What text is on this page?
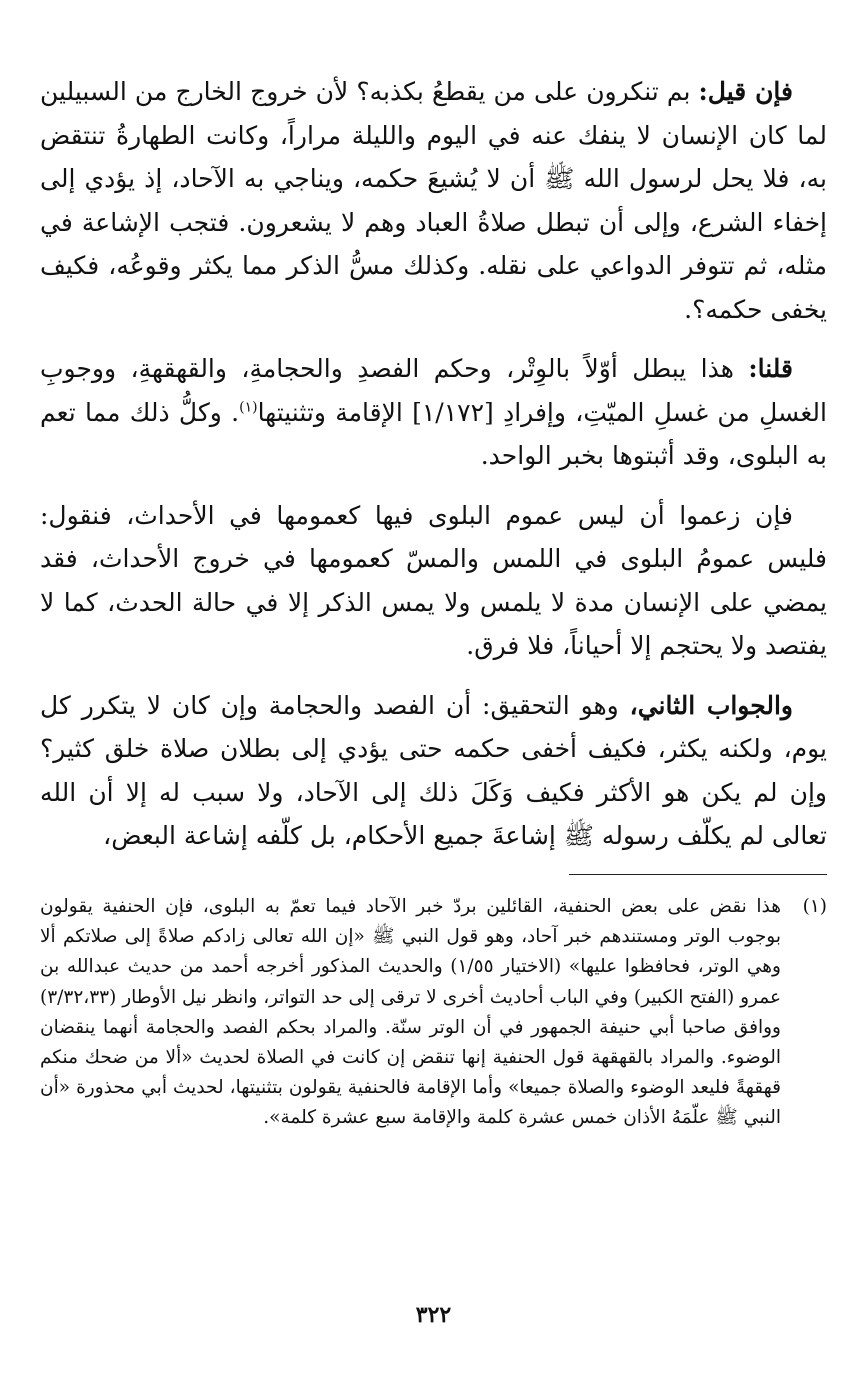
فإن قيل: بم تنكرون على من يقطعُ بكذبه؟ لأن خروج الخارج من السبيلين لما كان الإنسان لا ينفك عنه في اليوم والليلة مراراً، وكانت الطهارةُ تنتقض به، فلا يحل لرسول الله ﷺ أن لا يُشيعَ حكمه، ويناجي به الآحاد، إذ يؤدي إلى إخفاء الشرع، وإلى أن تبطل صلاةُ العباد وهم لا يشعرون. فتجب الإشاعة في مثله، ثم تتوفر الدواعي على نقله. وكذلك مسُّ الذكر مما يكثر وقوعُه، فكيف يخفى حكمه؟.

قلنا: هذا يبطل أوّلاً بالوِتْر، وحكم الفصدِ والحجامةِ، والقهقهةِ، ووجوبِ الغسلِ من غسلِ الميّتِ، وإفرادِ [١/١٧٢] الإقامة وتثنيتها$^{(١)}$. وكلُّ ذلك مما تعم به البلوى، وقد أثبتوها بخبر الواحد.

فإن زعموا أن ليس عموم البلوى فيها كعمومها في الأحداث، فنقول: فليس عمومُ البلوى في اللمس والمسّ كعمومها في خروج الأحداث، فقد يمضي على الإنسان مدة لا يلمس ولا يمس الذكر إلا في حالة الحدث، كما لا يفتصد ولا يحتجم إلا أحياناً، فلا فرق.

والجواب الثاني، وهو التحقيق: أن الفصد والحجامة وإن كان لا يتكرر كل يوم، ولكنه يكثر، فكيف أخفى حكمه حتى يؤدي إلى بطلان صلاة خلق كثير؟ وإن لم يكن هو الأكثر فكيف وَكَلَ ذلك إلى الآحاد، ولا سبب له إلا أن الله تعالى لم يكلّف رسوله ﷺ إشاعةَ جميع الأحكام، بل كلّفه إشاعة البعض،

(١)
هذا نقض على بعض الحنفية، القائلين بردّ خبر الآحاد فيما تعمّ به البلوى، فإن الحنفية يقولون بوجوب الوتر ومستندهم خبر آحاد، وهو قول النبي ﷺ «إن الله تعالى زادكم صلاةً إلى صلاتكم ألا وهي الوتر، فحافظوا عليها» (الاختيار ١/٥٥) والحديث المذكور أخرجه أحمد من حديث عبدالله بن عمرو (الفتح الكبير) وفي الباب أحاديث أخرى لا ترقى إلى حد التواتر، وانظر نيل الأوطار (٣/٣٢،٣٣) ووافق صاحبا أبي حنيفة الجمهور في أن الوتر سنّة. والمراد بحكم الفصد والحجامة أنهما ينقضان الوضوء. والمراد بالقهقهة قول الحنفية إنها تنقض إن كانت في الصلاة لحديث «ألا من ضحك منكم قهقهةً فليعد الوضوء والصلاة جميعا» وأما الإقامة فالحنفية يقولون بتثنيتها، لحديث أبي محذورة «أن النبي ﷺ علّمَهُ الأذان خمس عشرة كلمة والإقامة سبع عشرة كلمة».
٣٢٢
